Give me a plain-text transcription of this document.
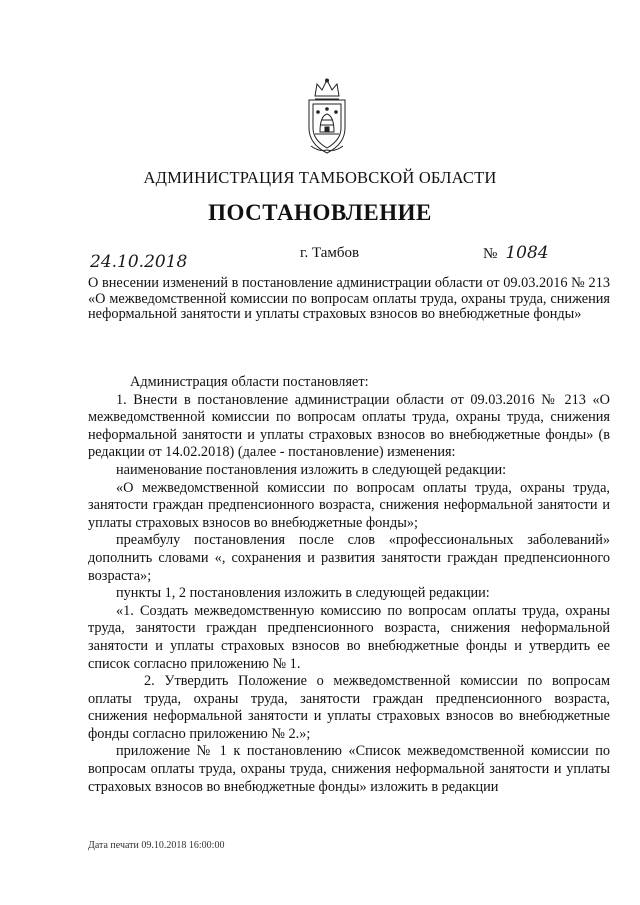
АДМИНИСТРАЦИЯ ТАМБОВСКОЙ ОБЛАСТИ
ПОСТАНОВЛЕНИЕ
24.10.2018	г. Тамбов	№ 1084
О внесении изменений в постановление администрации области от 09.03.2016 № 213 «О межведомственной комиссии по вопросам оплаты труда, охраны труда, снижения неформальной занятости и уплаты страховых взносов во внебюджетные фонды»

Администрация области постановляет:

1. Внести в постановление администрации области от 09.03.2016 № 213 «О межведомственной комиссии по вопросам оплаты труда, охраны труда, снижения неформальной занятости и уплаты страховых взносов во внебюджетные фонды» (в редакции от 14.02.2018) (далее - постановление) изменения:

наименование постановления изложить в следующей редакции:

«О межведомственной комиссии по вопросам оплаты труда, охраны труда, занятости граждан предпенсионного возраста, снижения неформальной занятости и уплаты страховых взносов во внебюджетные фонды»;

преамбулу постановления после слов «профессиональных заболеваний» дополнить словами «, сохранения и развития занятости граждан предпенсионного возраста»;

пункты 1, 2 постановления изложить в следующей редакции:

«1. Создать межведомственную комиссию по вопросам оплаты труда, охраны труда, занятости граждан предпенсионного возраста, снижения неформальной занятости и уплаты страховых взносов во внебюджетные фонды и утвердить ее список согласно приложению № 1.

2. Утвердить Положение о межведомственной комиссии по вопросам оплаты труда, охраны труда, занятости граждан предпенсионного возраста, снижения неформальной занятости и уплаты страховых взносов во внебюджетные фонды согласно приложению № 2.»;

приложение № 1 к постановлению «Список межведомственной комиссии по вопросам оплаты труда, охраны труда, снижения неформальной занятости и уплаты страховых взносов во внебюджетные фонды» изложить в редакции

Дата печати 09.10.2018 16:00:00
